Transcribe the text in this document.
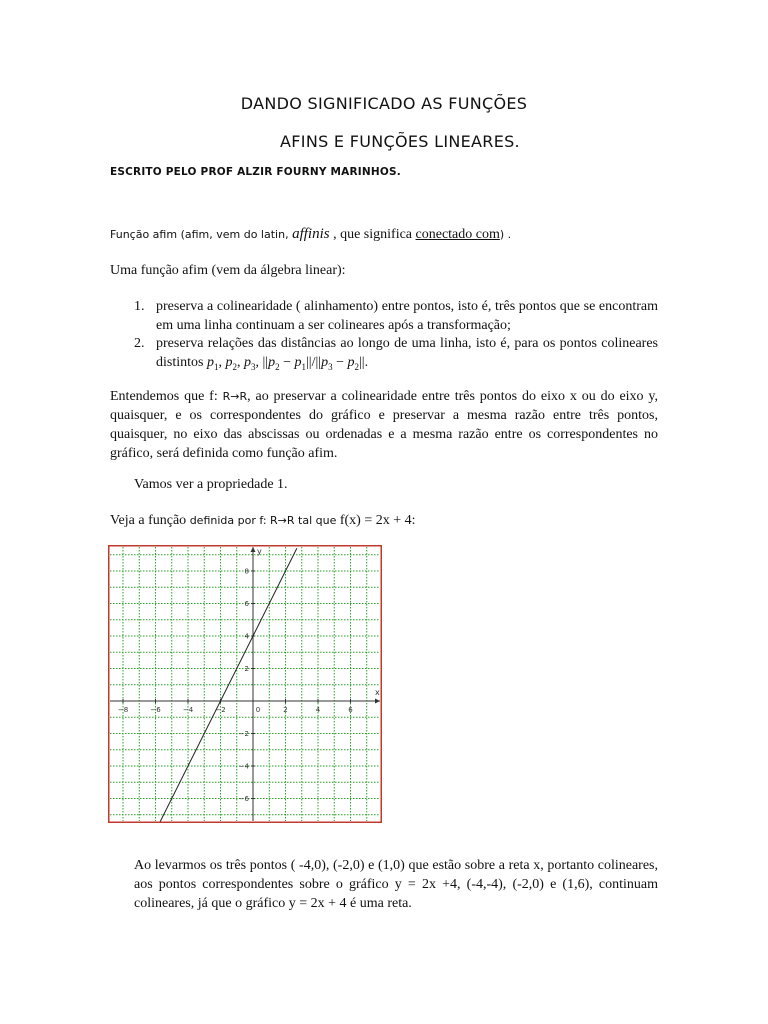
DANDO SIGNIFICADO AS FUNÇÕES
AFINS E FUNÇÕES LINEARES.
ESCRITO PELO PROF ALZIR FOURNY MARINHOS.
Função afim (afim, vem do latin, affinis , que significa conectado com) .
Uma função afim (vem da álgebra linear):
1. preserva a colinearidade ( alinhamento) entre pontos, isto é, três pontos que se encontram em uma linha continuam a ser colineares após a transformação;
2. preserva relações das distâncias ao longo de uma linha, isto é, para os pontos colineares distintos $p_1$, $p_2$, $p_3$, $||p_2 - p_1||/||p_3 - p_2||$.
Entendemos que f: R→R, ao preservar a colinearidade entre três pontos do eixo x ou do eixo y, quaisquer, e os correspondentes do gráfico e preservar a mesma razão entre três pontos, quaisquer, no eixo das abscissas ou ordenadas e a mesma razão entre os correspondentes no gráfico, será definida como função afim.
Vamos ver a propriedade 1.
Veja a função definida por f: R→R tal que f(x) = 2x + 4:
−8	−6	−4	−2	0	2	4	6
8
6
4
2
−2
−4
−6
x
y
Ao levarmos os três pontos ( -4,0), (-2,0) e (1,0) que estão sobre a reta x, portanto colineares, aos pontos correspondentes sobre o gráfico y = 2x +4, (-4,-4), (-2,0) e (1,6), continuam colineares, já que o gráfico y = 2x + 4 é uma reta.
